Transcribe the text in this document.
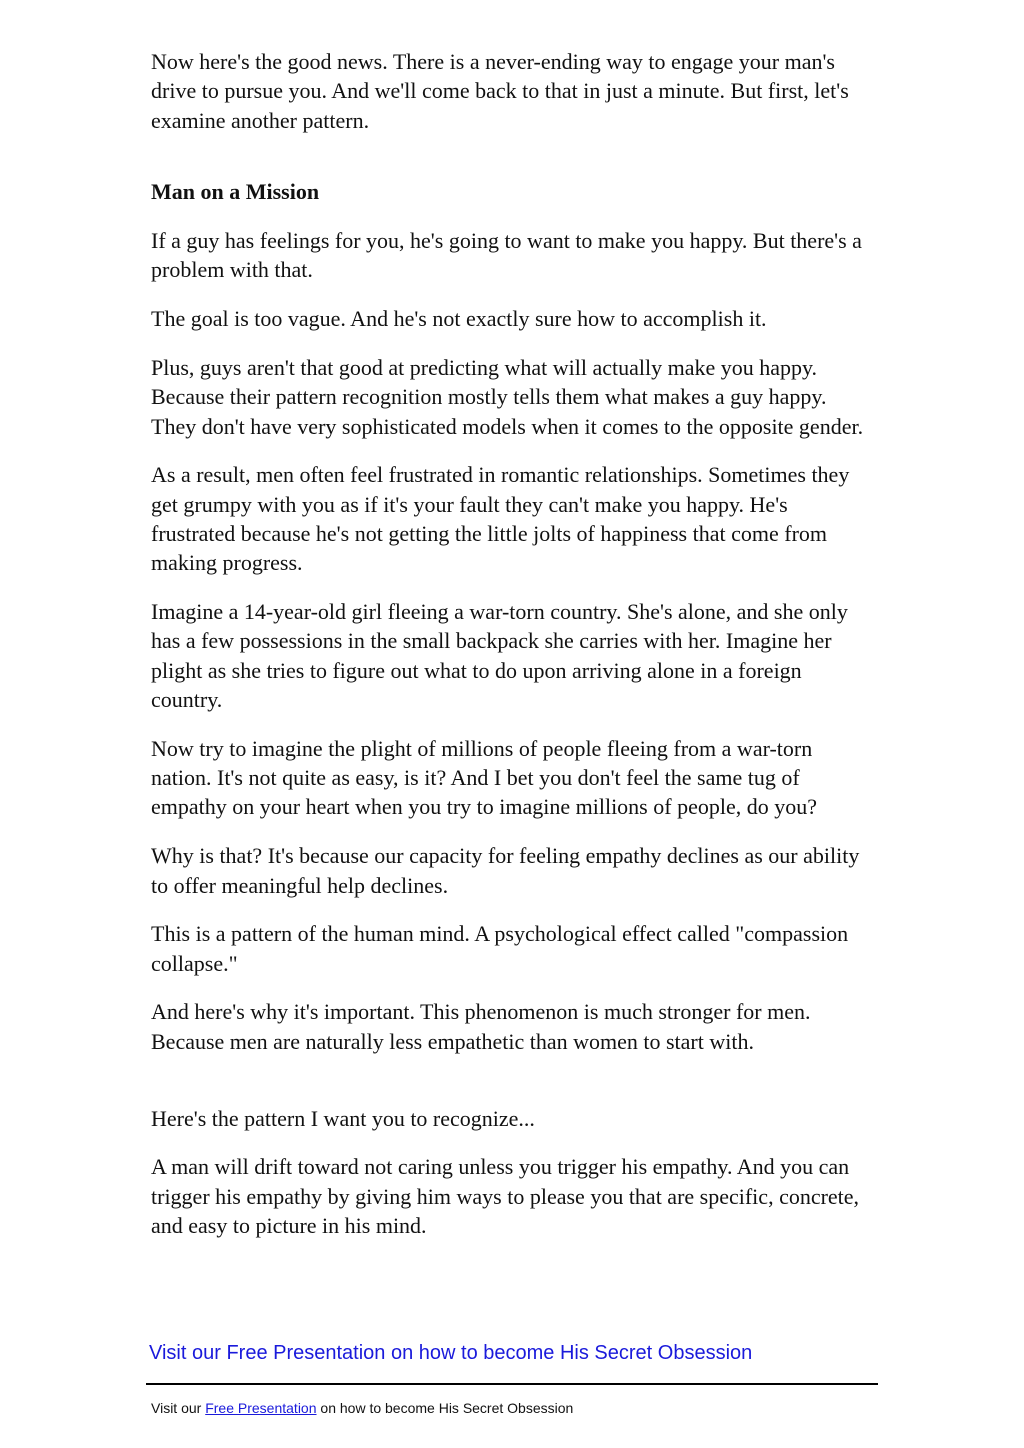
Now here's the good news. There is a never-ending way to engage your man's drive to pursue you. And we'll come back to that in just a minute. But first, let's examine another pattern.

Man on a Mission

If a guy has feelings for you, he's going to want to make you happy. But there's a problem with that.

The goal is too vague. And he's not exactly sure how to accomplish it.

Plus, guys aren't that good at predicting what will actually make you happy. Because their pattern recognition mostly tells them what makes a guy happy. They don't have very sophisticated models when it comes to the opposite gender.

As a result, men often feel frustrated in romantic relationships. Sometimes they get grumpy with you as if it's your fault they can't make you happy. He's frustrated because he's not getting the little jolts of happiness that come from making progress.

Imagine a 14-year-old girl fleeing a war-torn country. She's alone, and she only has a few possessions in the small backpack she carries with her. Imagine her plight as she tries to figure out what to do upon arriving alone in a foreign country.

Now try to imagine the plight of millions of people fleeing from a war-torn nation. It's not quite as easy, is it? And I bet you don't feel the same tug of empathy on your heart when you try to imagine millions of people, do you?

Why is that? It's because our capacity for feeling empathy declines as our ability to offer meaningful help declines.

This is a pattern of the human mind. A psychological effect called "compassion collapse."

And here's why it's important. This phenomenon is much stronger for men. Because men are naturally less empathetic than women to start with.

Here's the pattern I want you to recognize...

A man will drift toward not caring unless you trigger his empathy. And you can trigger his empathy by giving him ways to please you that are specific, concrete, and easy to picture in his mind.

Visit our Free Presentation on how to become His Secret Obsession
Visit our Free Presentation on how to become His Secret Obsession
